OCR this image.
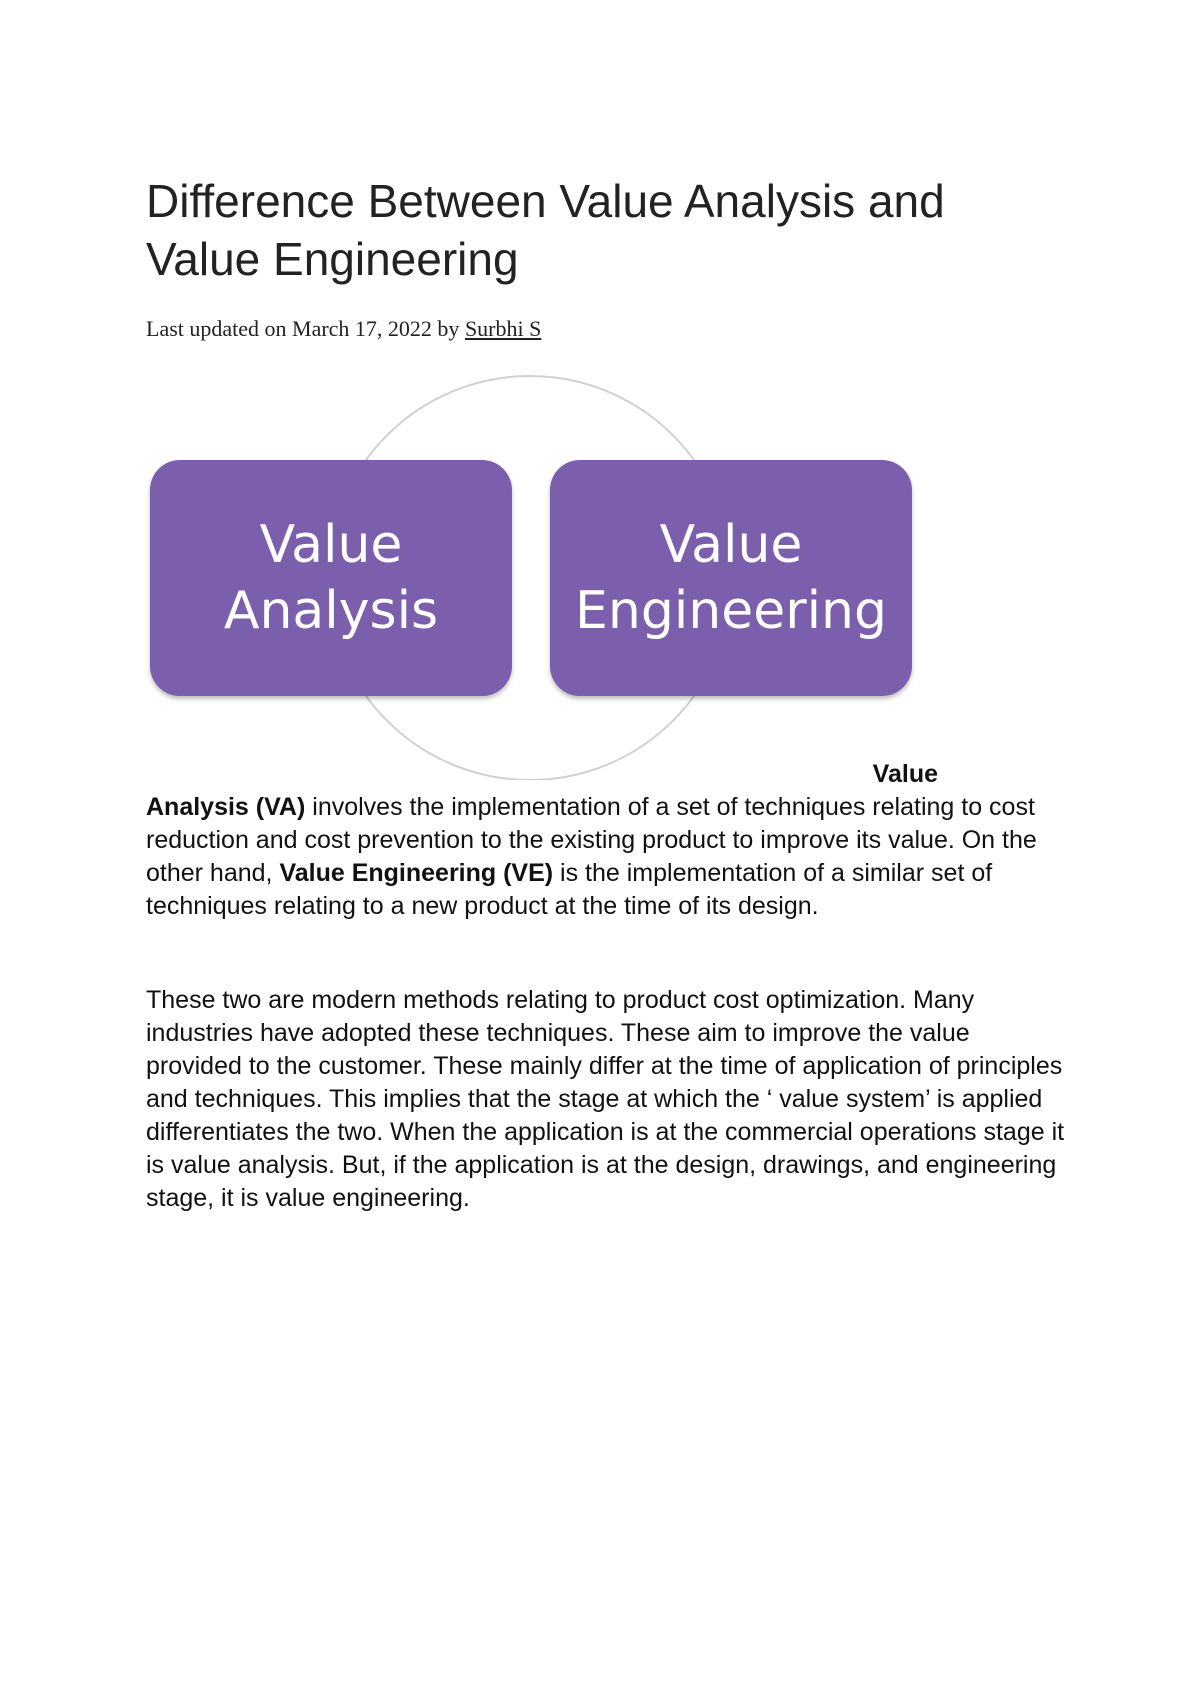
Difference Between Value Analysis and Value Engineering

Last updated on March 17, 2022 by Surbhi S

Value
Analysis
Value
Engineering

Value
Analysis (VA) involves the implementation of a set of techniques relating to cost reduction and cost prevention to the existing product to improve its value. On the other hand, Value Engineering (VE) is the implementation of a similar set of techniques relating to a new product at the time of its design.

These two are modern methods relating to product cost optimization. Many industries have adopted these techniques. These aim to improve the value provided to the customer. These mainly differ at the time of application of principles and techniques. This implies that the stage at which the ‘ value system’ is applied differentiates the two. When the application is at the commercial operations stage it is value analysis. But, if the application is at the design, drawings, and engineering stage, it is value engineering.
